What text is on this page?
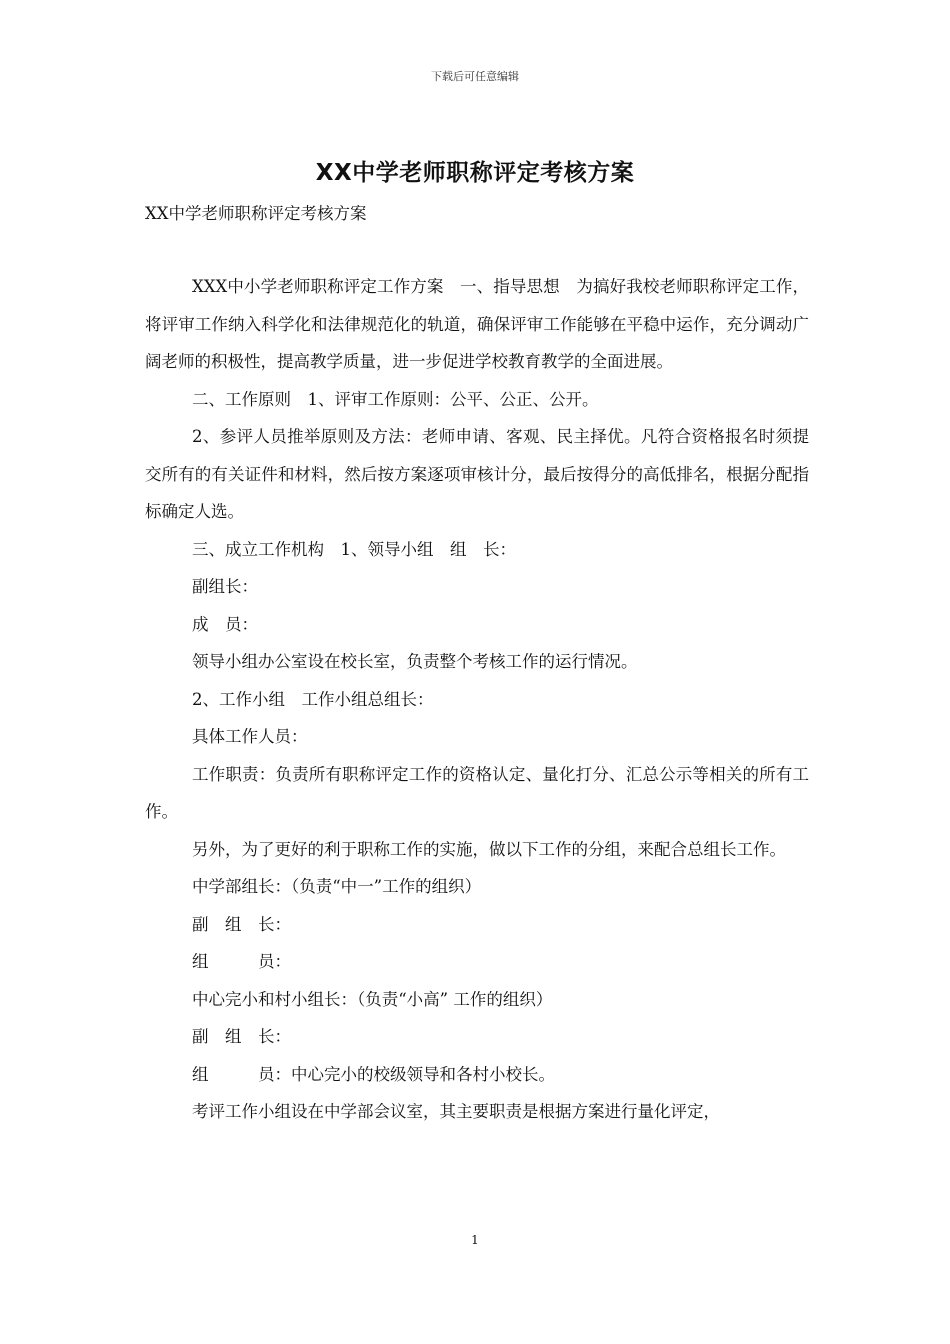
下载后可任意编辑
XX中学老师职称评定考核方案
XX中学老师职称评定考核方案

XXX中小学老师职称评定工作方案　一、指导思想　为搞好我校老师职称评定工作，将评审工作纳入科学化和法律规范化的轨道，确保评审工作能够在平稳中运作，充分调动广阔老师的积极性，提高教学质量，进一步促进学校教育教学的全面进展。

二、工作原则　1、评审工作原则：公平、公正、公开。

2、参评人员推举原则及方法：老师申请、客观、民主择优。凡符合资格报名时须提交所有的有关证件和材料，然后按方案逐项审核计分，最后按得分的高低排名，根据分配指标确定人选。

三、成立工作机构　1、领导小组　组　长：

副组长：

成　员：

领导小组办公室设在校长室，负责整个考核工作的运行情况。

2、工作小组　工作小组总组长：

具体工作人员：

工作职责：负责所有职称评定工作的资格认定、量化打分、汇总公示等相关的所有工作。

另外，为了更好的利于职称工作的实施，做以下工作的分组，来配合总组长工作。

中学部组长：（负责“中一”工作的组织）

副　组　长：

组　　　员：

中心完小和村小组长：（负责“小高” 工作的组织）

副　组　长：

组　　　员：中心完小的校级领导和各村小校长。

考评工作小组设在中学部会议室，其主要职责是根据方案进行量化评定，

1
